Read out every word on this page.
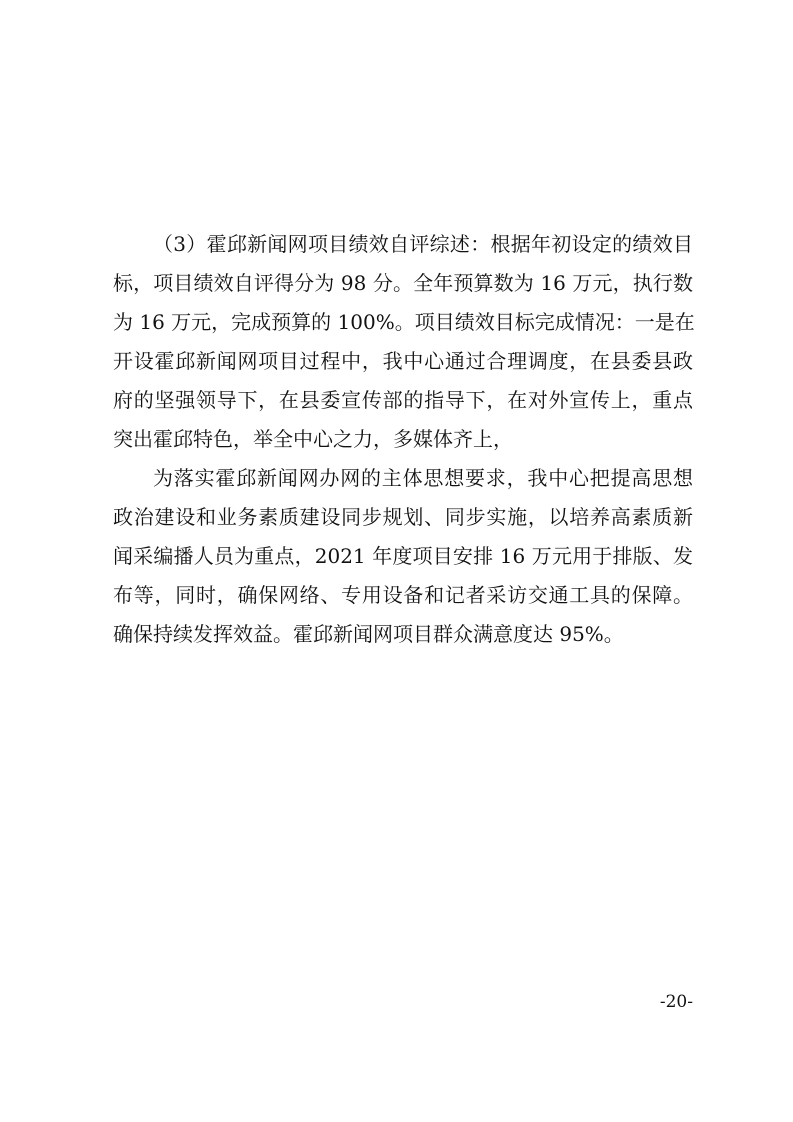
（3）霍邱新闻网项目绩效自评综述：根据年初设定的绩效目
标，项目绩效自评得分为 98 分。全年预算数为 16 万元，执行数
为 16 万元，完成预算的 100%。项目绩效目标完成情况：一是在
开设霍邱新闻网项目过程中，我中心通过合理调度，在县委县政
府的坚强领导下，在县委宣传部的指导下，在对外宣传上，重点
突出霍邱特色，举全中心之力，多媒体齐上，
为落实霍邱新闻网办网的主体思想要求，我中心把提高思想
政治建设和业务素质建设同步规划、同步实施，以培养高素质新
闻采编播人员为重点，2021 年度项目安排 16 万元用于排版、发
布等，同时，确保网络、专用设备和记者采访交通工具的保障。
确保持续发挥效益。霍邱新闻网项目群众满意度达 95%。
-20-
